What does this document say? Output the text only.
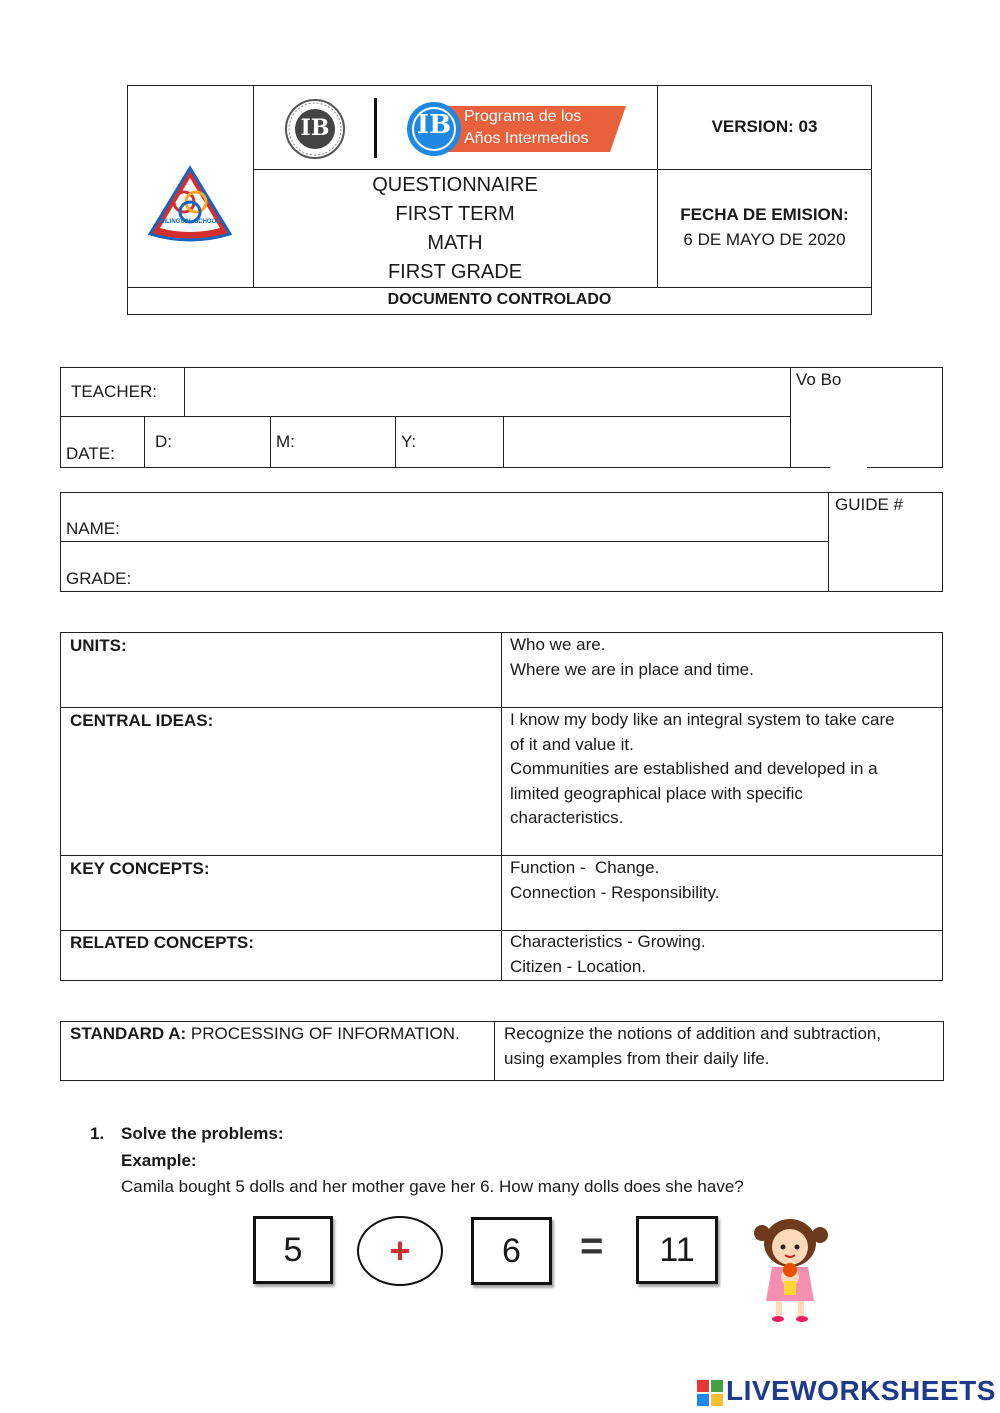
BILINGUAL SCHOOL
IB	IB Programa de los
Años Intermedios
VERSION: 03
QUESTIONNAIRE
FIRST TERM
MATH
FIRST GRADE
FECHA DE EMISION:
6 DE MAYO DE 2020
DOCUMENTO CONTROLADO
TEACHER:
Vo Bo
DATE:
D:	M:	Y:
NAME:
GRADE:
GUIDE #
UNITS:	Who we are.
Where we are in place and time.
CENTRAL IDEAS:	I know my body like an integral system to take care
of it and value it.
Communities are established and developed in a
limited geographical place with specific
characteristics.
KEY CONCEPTS:	Function -  Change.
Connection - Responsibility.
RELATED CONCEPTS:	Characteristics - Growing.
Citizen - Location.
STANDARD A: PROCESSING OF INFORMATION.	Recognize the notions of addition and subtraction,
using examples from their daily life.
1. Solve the problems:
Example:
Camila bought 5 dolls and her mother gave her 6. How many dolls does she have?
5	+	6	=	11
LIVEWORKSHEETS
